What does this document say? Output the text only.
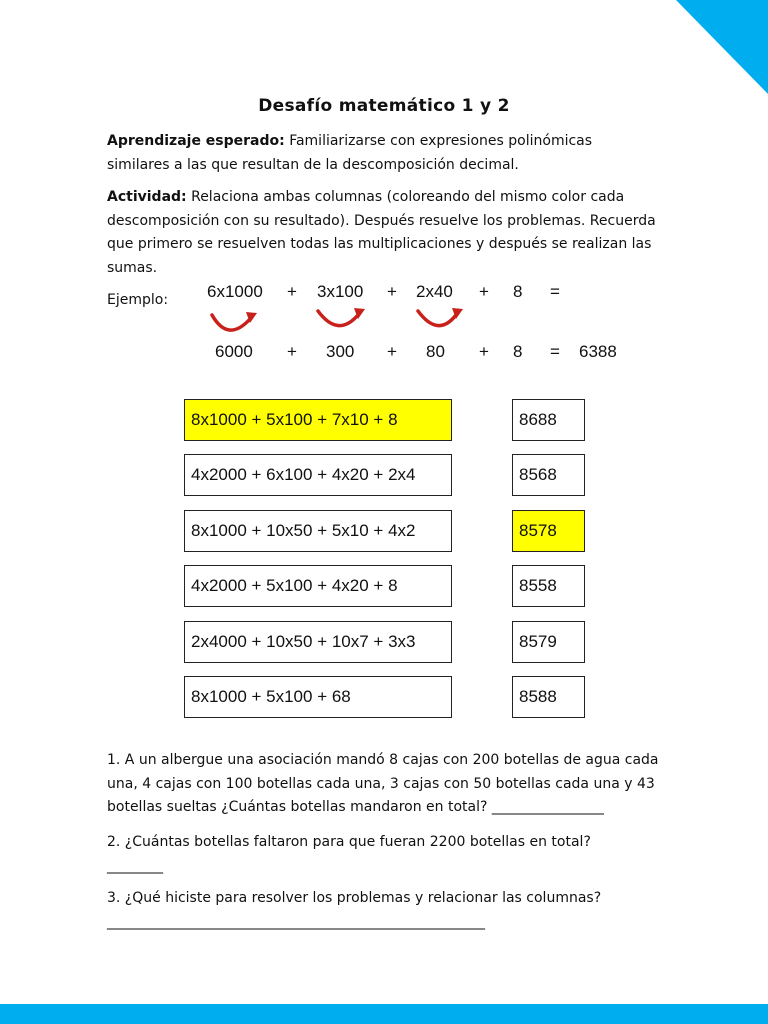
Desafío matemático 1 y 2
Aprendizaje esperado: Familiarizarse con expresiones polinómicas similares a las que resultan de la descomposición decimal.
Actividad: Relaciona ambas columnas (coloreando del mismo color cada descomposición con su resultado). Después resuelve los problemas. Recuerda que primero se resuelven todas las multiplicaciones y después se realizan las sumas.
Ejemplo: 6x1000 + 3x100 + 2x40 + 8 =
6000 + 300 + 80 + 8 = 6388
8x1000 + 5x100 + 7x10 + 8
4x2000 + 6x100 + 4x20 + 2x4
8x1000 + 10x50 + 5x10 + 4x2
4x2000 + 5x100 + 4x20 + 8
2x4000 + 10x50 + 10x7 + 3x3
8x1000 + 5x100 + 68
8688
8568
8578
8558
8579
8588
1. A un albergue una asociación mandó 8 cajas con 200 botellas de agua cada una, 4 cajas con 100 botellas cada una, 3 cajas con 50 botellas cada una y 43 botellas sueltas ¿Cuántas botellas mandaron en total? ________________
2. ¿Cuántas botellas faltaron para que fueran 2200 botellas en total? ________
3. ¿Qué hiciste para resolver los problemas y relacionar las columnas? ______________________________________________________
